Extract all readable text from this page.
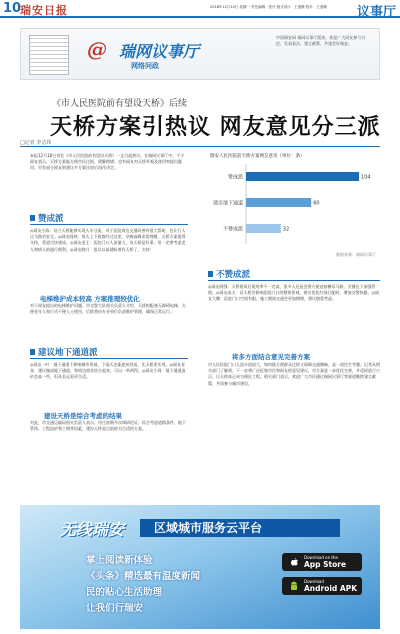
10
瑞安日报	2018年12月10日 星期一 责任编辑：张丹 版式设计：王逸蝶 校对：王逸蝶 议事厅
@ 瑞网议事厅
网络问政
中国瑞安网 瑞网议事厅版块，欢迎广大网友参与讨论，发表看法，建言献策，共建美好瑞安。
《市人民医院前有望设天桥》后续
天桥方案引热议 网友意见分三派
□记者 李洁玮
本报12月10日刊发《市人民医院前有望设天桥》一文引起热议。在瑞网议事厅中，不少网友表示，天桥方案能方便市民过街，缓解拥堵；也有网友对天桥外观及使用率提出疑问；另有部分网友则建议多方案比较后再作决定。
瑞安人民医院前天桥方案网友意见（单位：条）
赞成派	104
建议地下通道	60
不赞成派	32
数据来源：瑞网议事厅
赞成派
◎网友小陈：设立天桥能够实现人车分流，对于医院周边交通改善有很大帮助，也让行人过马路更安全。◎网友阿林：每天上下班都经过这里，早晚高峰非常拥堵，天桥方案值得支持，希望尽快建成。◎网友老王：医院门口人流量大，设天桥是好事，但一定要考虑老人和病人的通行便利。◎网友晓月：很早以前就盼着有天桥了，支持！
电梯维护成本较高 方案推理较优化
对于网友提出的电梯维护问题，市交警大队相关负责人介绍，天桥拟配备无障碍电梯，方便老年人和行动不便人士使用，后续将由专业单位负责维护管理，确保正常运行。
建议地下通道派
◎网友一叶：地下通道不影响城市景观，下雨天也能遮风挡雨，比天桥更实用。◎网友老张：建议做成地下通道，和周边商业结合起来，可以一举两得。◎网友小周：地下通道造价会高一些，但从长远看更合适。
建设天桥是综合考虑的结果
对此，市交通运输局相关负责人表示，经过前期多次调研论证，综合考虑道路条件、地下管线、工程造价和工期等因素，建设天桥是目前较为合适的方案。
不赞成派
◎网友阿强：天桥建成后使用率不一定高，很多人还是会图方便直接横穿马路，关键在于加强管理。◎网友雨天：设天桥会影响医院门口的整体景观，建议优化红绿灯配时，增加交警执勤。◎网友大鹏：医院门口空间有限，施工期间交通会更加拥堵，建议慎重考虑。
将多方面结合意见完善方案
市人民医院门口人流车流较大，如何既方便群众过街又保障交通顺畅，是一道民生考题。记者从相关部门了解到，下一步将广泛征集市民和网友的意见建议，对方案进一步优化完善，并适时进行公示，让天桥真正成为便民工程。相关部门表示，欢迎广大市民通过瑞网议事厅等渠道继续建言献策，共同参与城市建设。
无线瑞安	区域城市服务云平台
掌上阅读新体验
《头条》精选最有温度新闻
民的贴心生活助理
让我们行瑞安
Download on the
App Store
Download
Android APK
